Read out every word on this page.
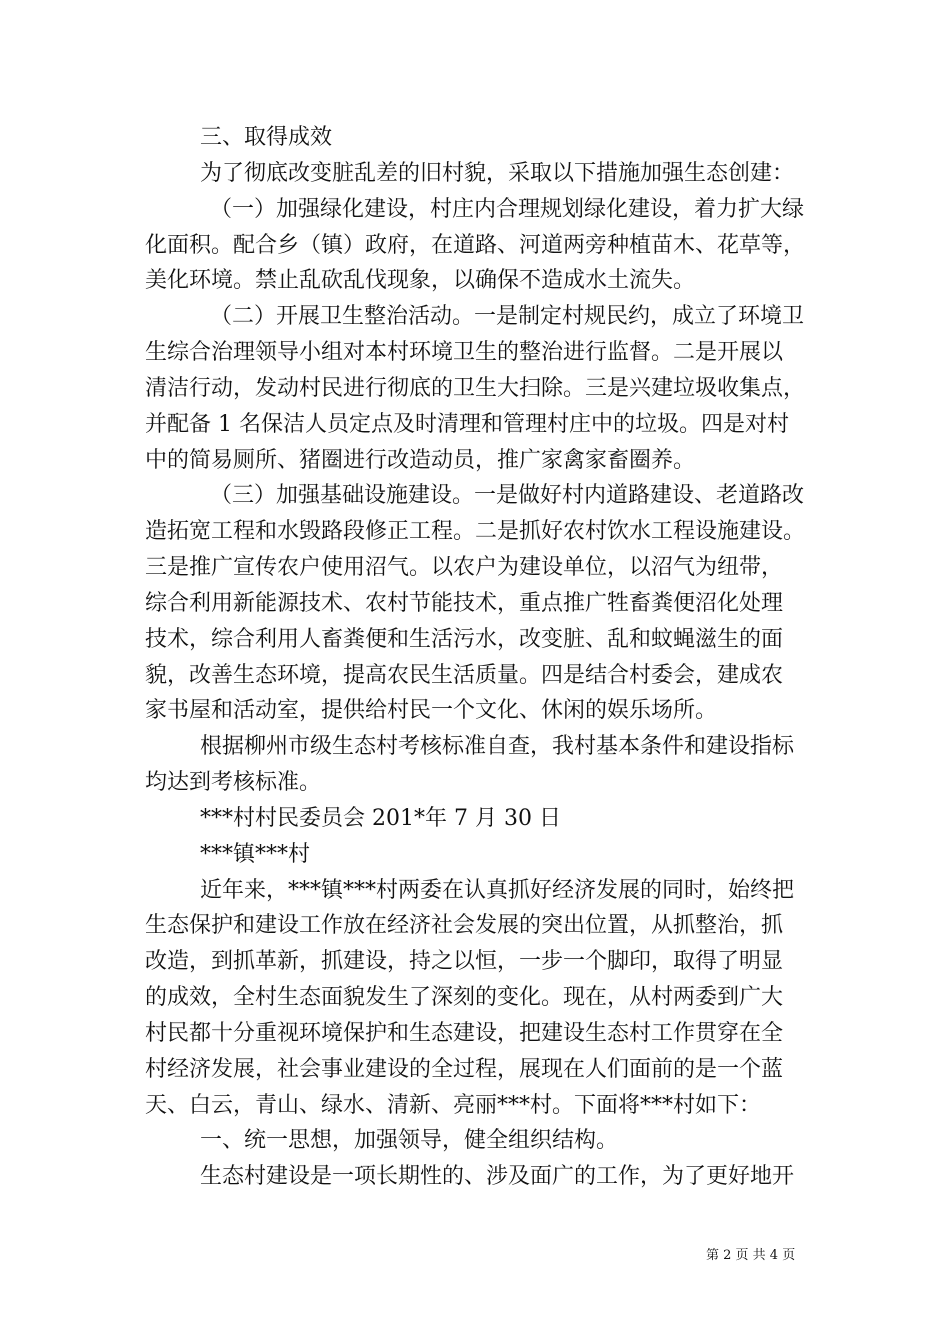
三、取得成效
为了彻底改变脏乱差的旧村貌，采取以下措施加强生态创建：
（一）加强绿化建设，村庄内合理规划绿化建设，着力扩大绿
化面积。配合乡（镇）政府，在道路、河道两旁种植苗木、花草等，
美化环境。禁止乱砍乱伐现象，以确保不造成水土流失。
（二）开展卫生整治活动。一是制定村规民约，成立了环境卫
生综合治理领导小组对本村环境卫生的整治进行监督。二是开展以
清洁行动，发动村民进行彻底的卫生大扫除。三是兴建垃圾收集点，
并配备 1 名保洁人员定点及时清理和管理村庄中的垃圾。四是对村
中的简易厕所、猪圈进行改造动员，推广家禽家畜圈养。
（三）加强基础设施建设。一是做好村内道路建设、老道路改
造拓宽工程和水毁路段修正工程。二是抓好农村饮水工程设施建设。
三是推广宣传农户使用沼气。以农户为建设单位，以沼气为纽带，
综合利用新能源技术、农村节能技术，重点推广牲畜粪便沼化处理
技术，综合利用人畜粪便和生活污水，改变脏、乱和蚊蝇滋生的面
貌，改善生态环境，提高农民生活质量。四是结合村委会，建成农
家书屋和活动室，提供给村民一个文化、休闲的娱乐场所。
根据柳州市级生态村考核标准自查，我村基本条件和建设指标
均达到考核标准。
***村村民委员会 201*年 7 月 30 日
***镇***村
近年来，***镇***村两委在认真抓好经济发展的同时，始终把
生态保护和建设工作放在经济社会发展的突出位置，从抓整治，抓
改造，到抓革新，抓建设，持之以恒，一步一个脚印，取得了明显
的成效，全村生态面貌发生了深刻的变化。现在，从村两委到广大
村民都十分重视环境保护和生态建设，把建设生态村工作贯穿在全
村经济发展，社会事业建设的全过程，展现在人们面前的是一个蓝
天、白云，青山、绿水、清新、亮丽***村。下面将***村如下：
一、统一思想，加强领导，健全组织结构。
生态村建设是一项长期性的、涉及面广的工作，为了更好地开
第 2 页 共 4 页
